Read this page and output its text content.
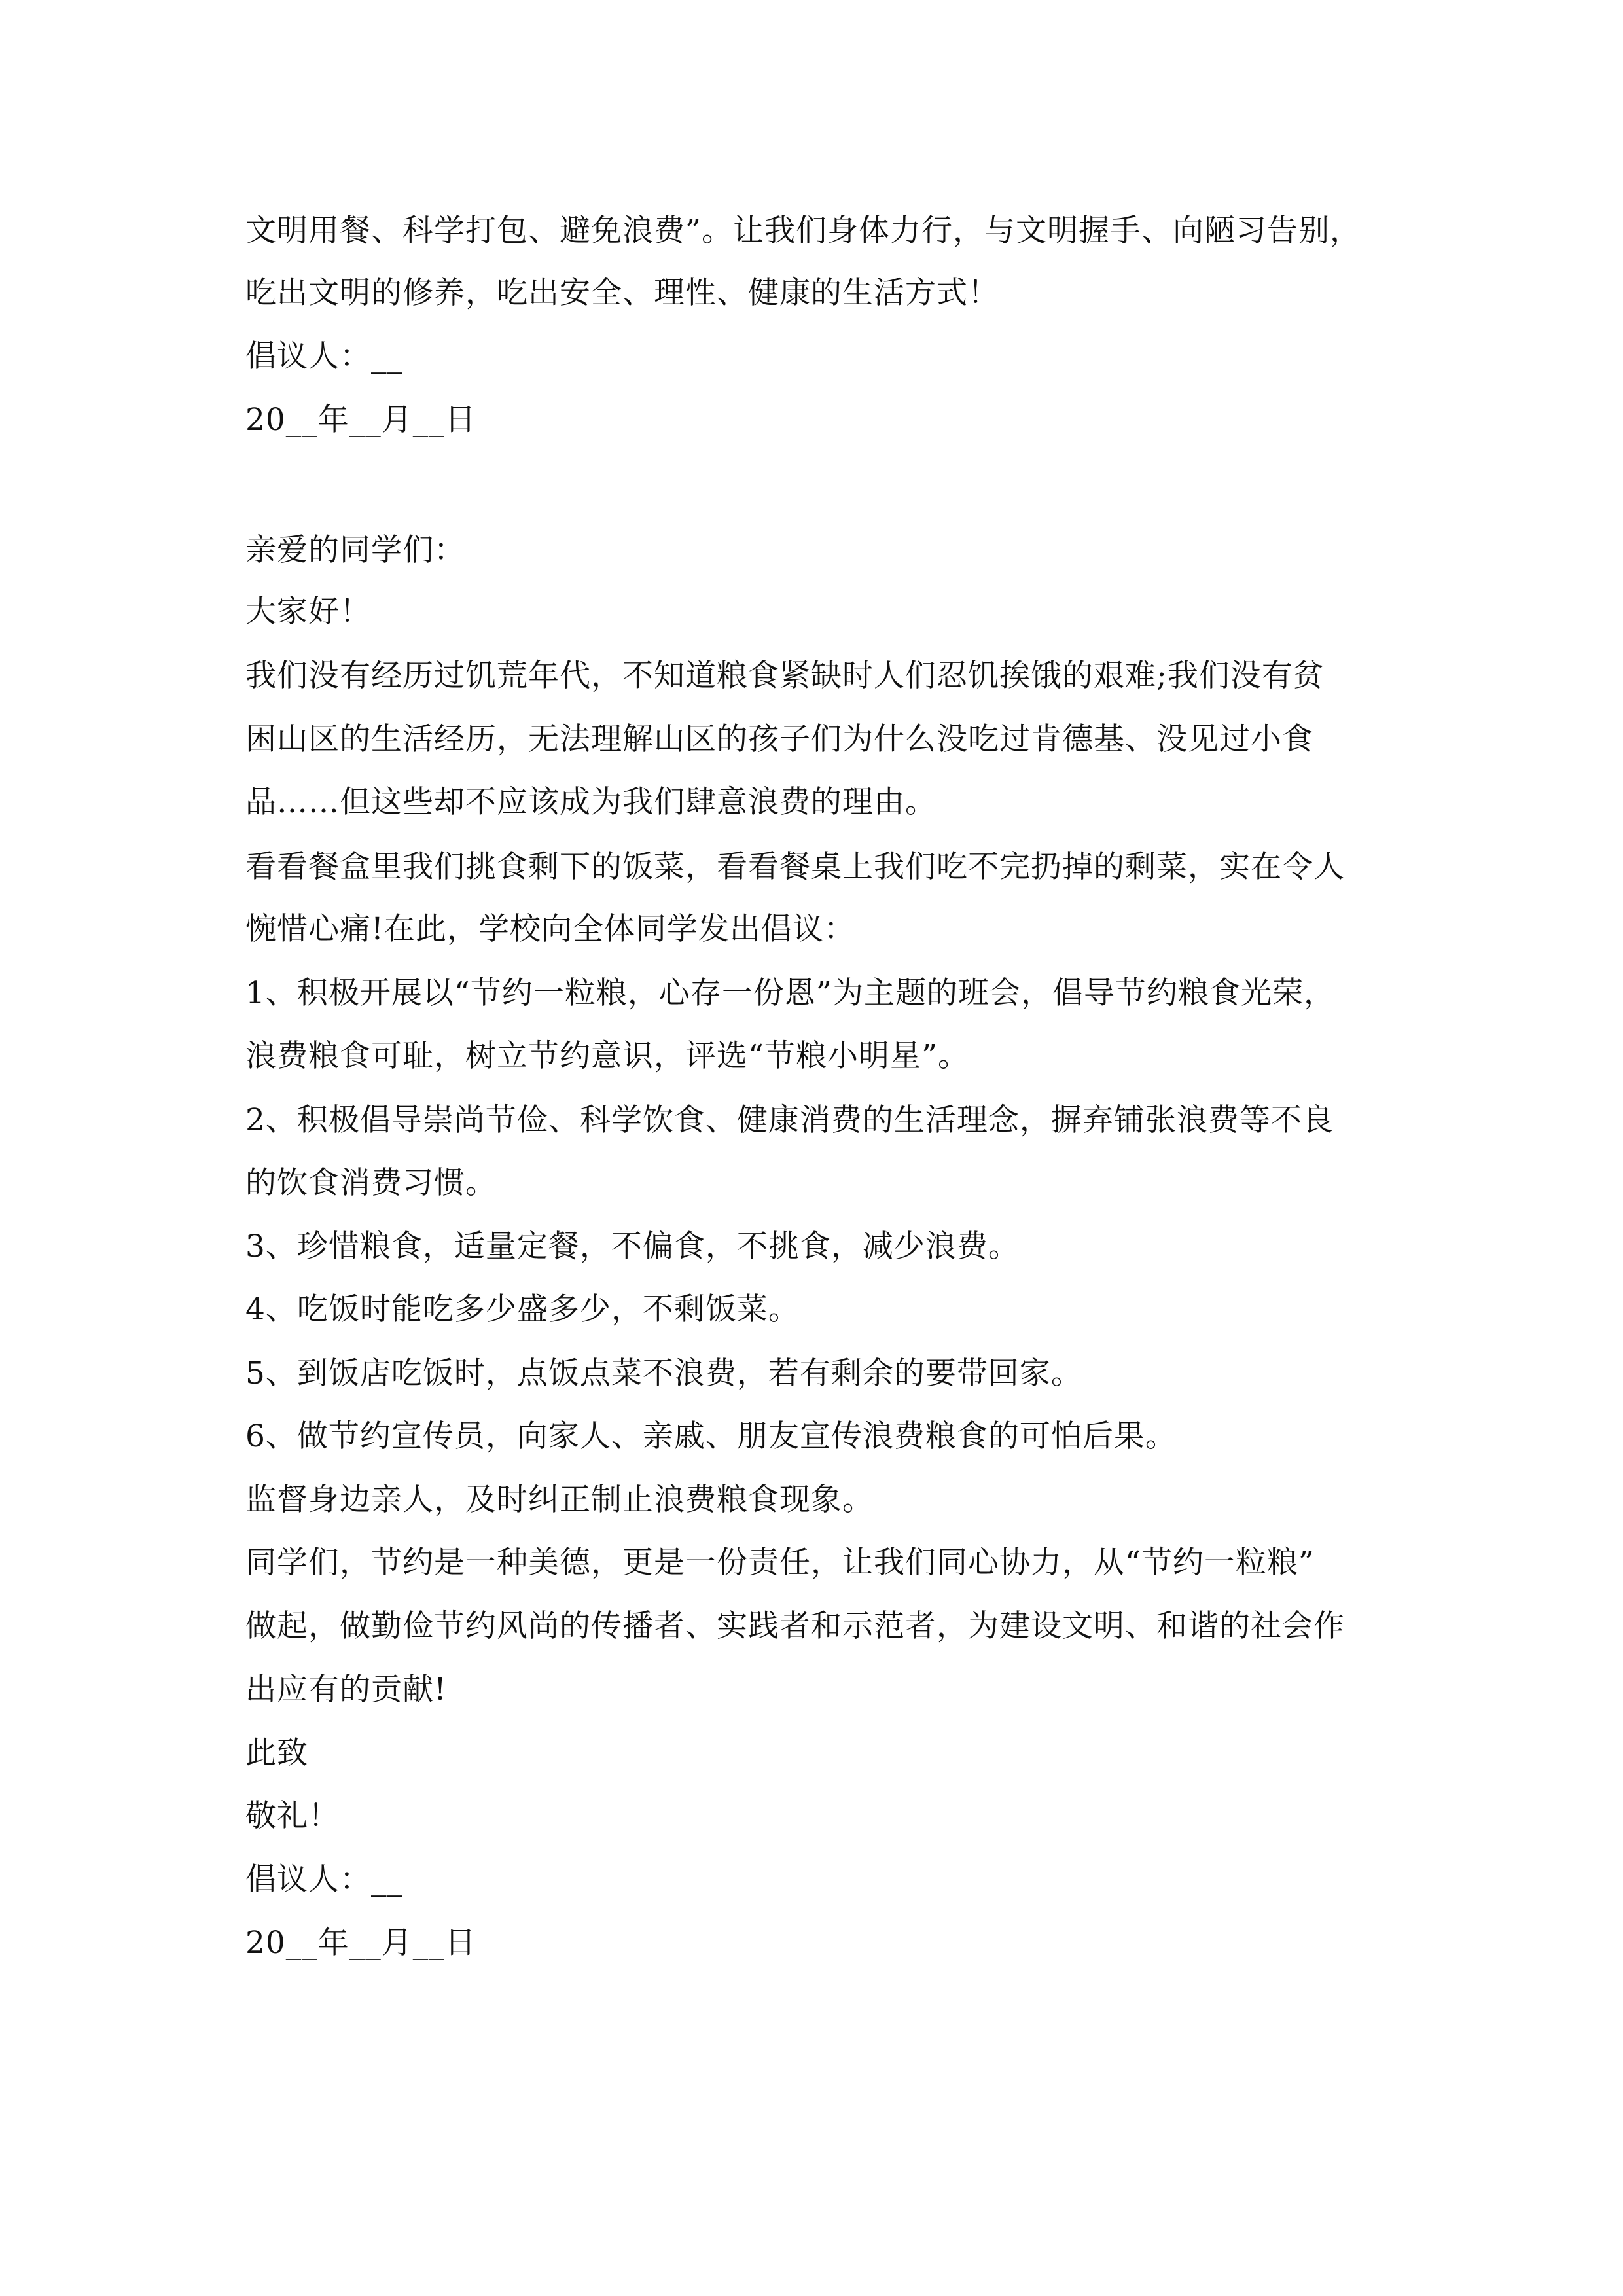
文明用餐、科学打包、避免浪费”。让我们身体力行，与文明握手、向陋习告别，
吃出文明的修养，吃出安全、理性、健康的生活方式！
倡议人：__
20__年__月__日
亲爱的同学们：
大家好！
我们没有经历过饥荒年代，不知道粮食紧缺时人们忍饥挨饿的艰难;我们没有贫
困山区的生活经历，无法理解山区的孩子们为什么没吃过肯德基、没见过小食
品……但这些却不应该成为我们肆意浪费的理由。
看看餐盒里我们挑食剩下的饭菜，看看餐桌上我们吃不完扔掉的剩菜，实在令人
惋惜心痛!在此，学校向全体同学发出倡议：
1、积极开展以“节约一粒粮，心存一份恩”为主题的班会，倡导节约粮食光荣，
浪费粮食可耻，树立节约意识，评选“节粮小明星”。
2、积极倡导崇尚节俭、科学饮食、健康消费的生活理念，摒弃铺张浪费等不良
的饮食消费习惯。
3、珍惜粮食，适量定餐，不偏食，不挑食，减少浪费。
4、吃饭时能吃多少盛多少，不剩饭菜。
5、到饭店吃饭时，点饭点菜不浪费，若有剩余的要带回家。
6、做节约宣传员，向家人、亲戚、朋友宣传浪费粮食的可怕后果。
监督身边亲人，及时纠正制止浪费粮食现象。
同学们，节约是一种美德，更是一份责任，让我们同心协力，从“节约一粒粮”
做起，做勤俭节约风尚的传播者、实践者和示范者，为建设文明、和谐的社会作
出应有的贡献!
此致
敬礼！
倡议人：__
20__年__月__日
